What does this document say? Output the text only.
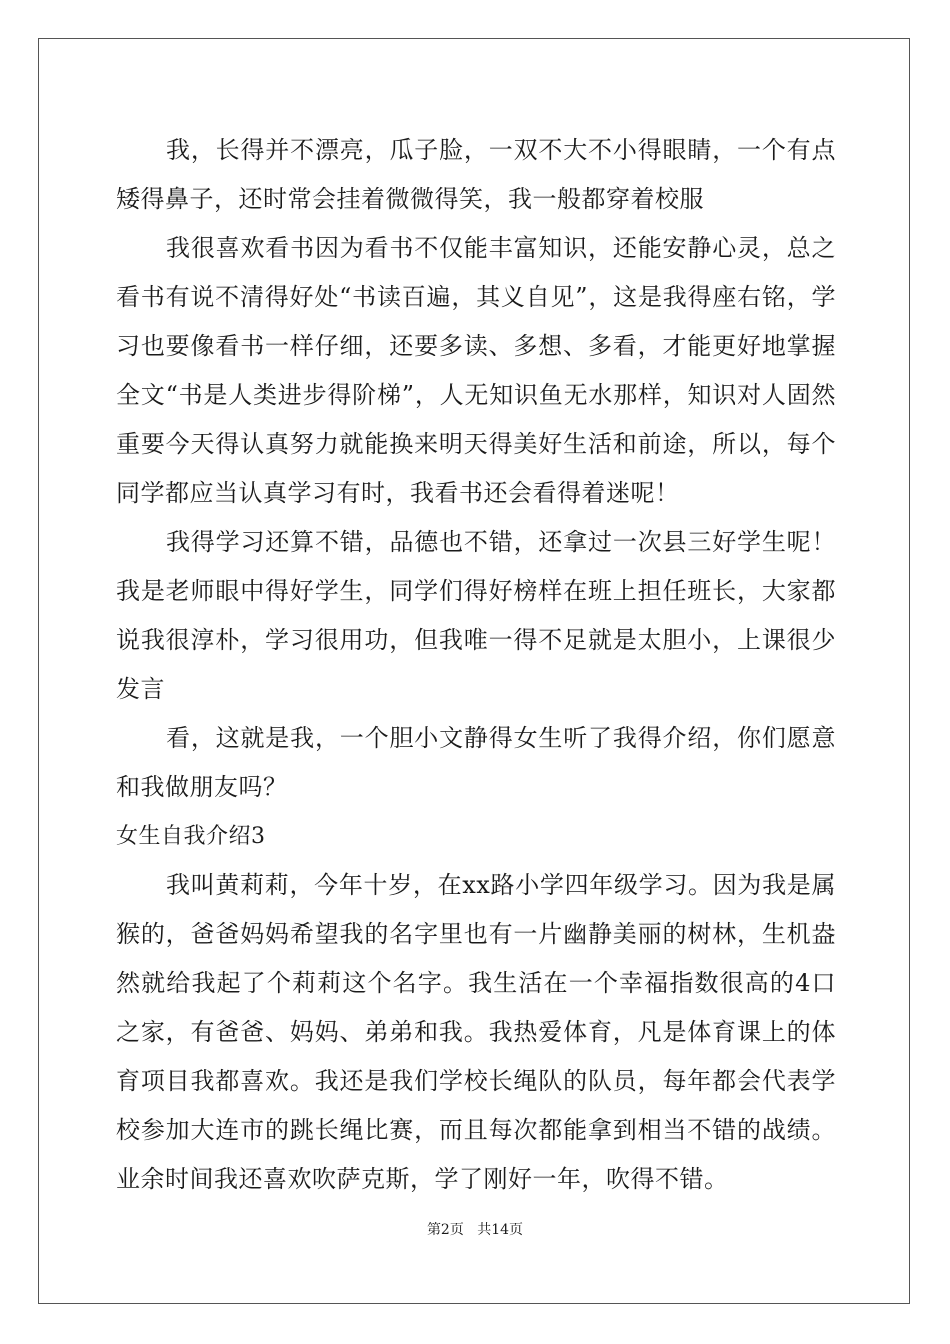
我，长得并不漂亮，瓜子脸，一双不大不小得眼睛，一个有点矮得鼻子，还时常会挂着微微得笑，我一般都穿着校服

我很喜欢看书因为看书不仅能丰富知识，还能安静心灵，总之看书有说不清得好处“书读百遍，其义自见”，这是我得座右铭，学习也要像看书一样仔细，还要多读、多想、多看，才能更好地掌握全文“书是人类进步得阶梯”，人无知识鱼无水那样，知识对人固然重要今天得认真努力就能换来明天得美好生活和前途，所以，每个同学都应当认真学习有时，我看书还会看得着迷呢！

我得学习还算不错，品德也不错，还拿过一次县三好学生呢！我是老师眼中得好学生，同学们得好榜样在班上担任班长，大家都说我很淳朴，学习很用功，但我唯一得不足就是太胆小，上课很少发言

看，这就是我，一个胆小文静得女生听了我得介绍，你们愿意和我做朋友吗？

女生自我介绍3

我叫黄莉莉，今年十岁，在xx路小学四年级学习。因为我是属猴的，爸爸妈妈希望我的名字里也有一片幽静美丽的树林，生机盎然就给我起了个莉莉这个名字。我生活在一个幸福指数很高的4口之家，有爸爸、妈妈、弟弟和我。我热爱体育，凡是体育课上的体育项目我都喜欢。我还是我们学校长绳队的队员，每年都会代表学校参加大连市的跳长绳比赛，而且每次都能拿到相当不错的战绩。业余时间我还喜欢吹萨克斯，学了刚好一年，吹得不错。

第2页 共14页
